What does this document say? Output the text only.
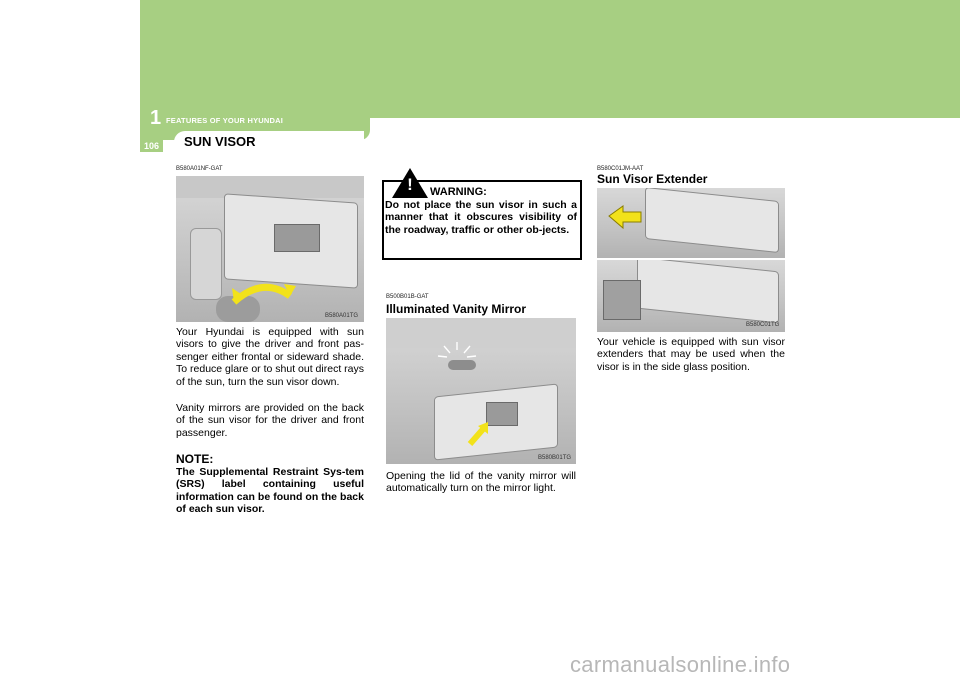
1 FEATURES OF YOUR HYUNDAI
106	SUN VISOR
B580A01NF-GAT
B580A01TG
Your Hyundai is equipped with sun visors to give the driver and front pas-senger either frontal or sideward shade. To reduce glare or to shut out direct rays of the sun, turn the sun visor down.
Vanity mirrors are provided on the back of the sun visor for the driver and front passenger.
NOTE:
The Supplemental Restraint Sys-tem (SRS) label containing useful information can be found on the back of each sun visor.
! WARNING:
Do not place the sun visor in such a manner that it obscures visibility of the roadway, traffic or other ob-jects.
B500B01B-GAT
Illuminated Vanity Mirror
B580B01TG
Opening the lid of the vanity mirror will automatically turn on the mirror light.
B580C01JM-AAT
Sun Visor Extender
B580C01TG
Your vehicle is equipped with sun visor extenders that may be used when the visor is in the side glass position.
carmanualsonline.info
